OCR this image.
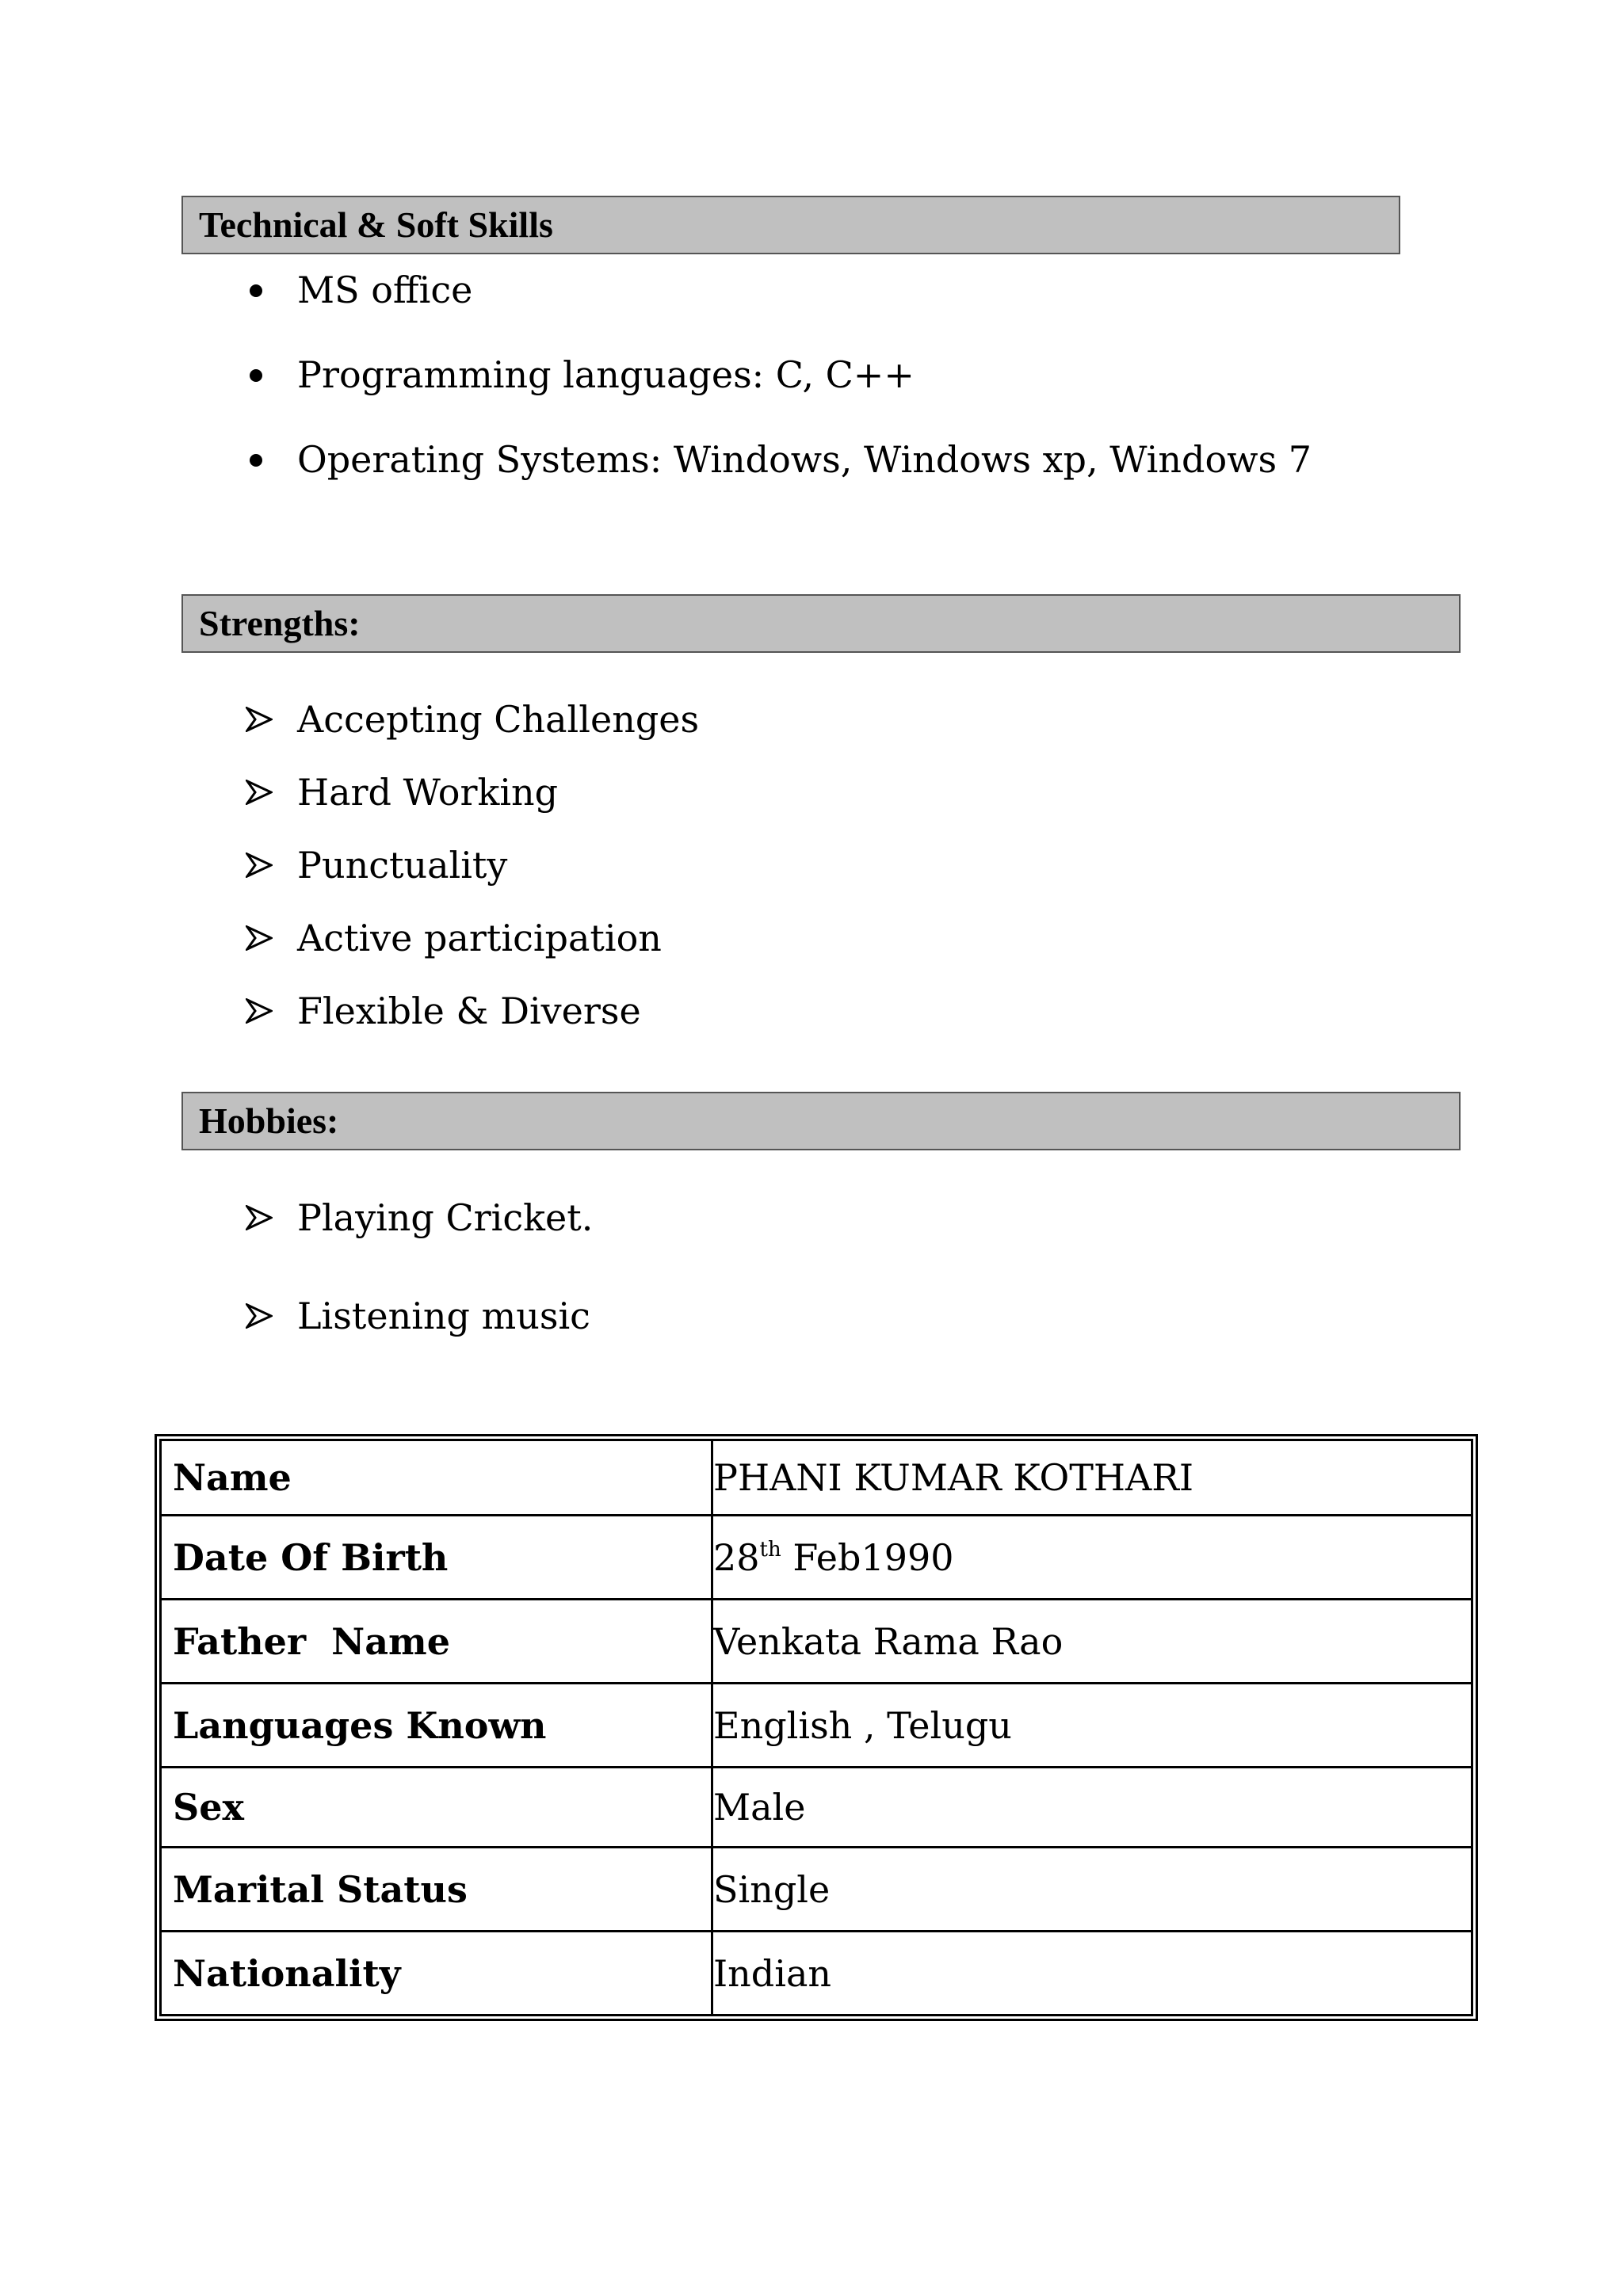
Technical & Soft Skills
MS office
Programming languages: C, C++
Operating Systems: Windows, Windows xp, Windows 7
Strengths:
Accepting Challenges
Hard Working
Punctuality
Active participation
Flexible & Diverse
Hobbies:
Playing Cricket.
Listening music
Name	PHANI KUMAR KOTHARI
Date Of Birth	28th Feb1990
Father  Name	Venkata Rama Rao
Languages Known	English , Telugu
Sex	Male
Marital Status	Single
Nationality	Indian
